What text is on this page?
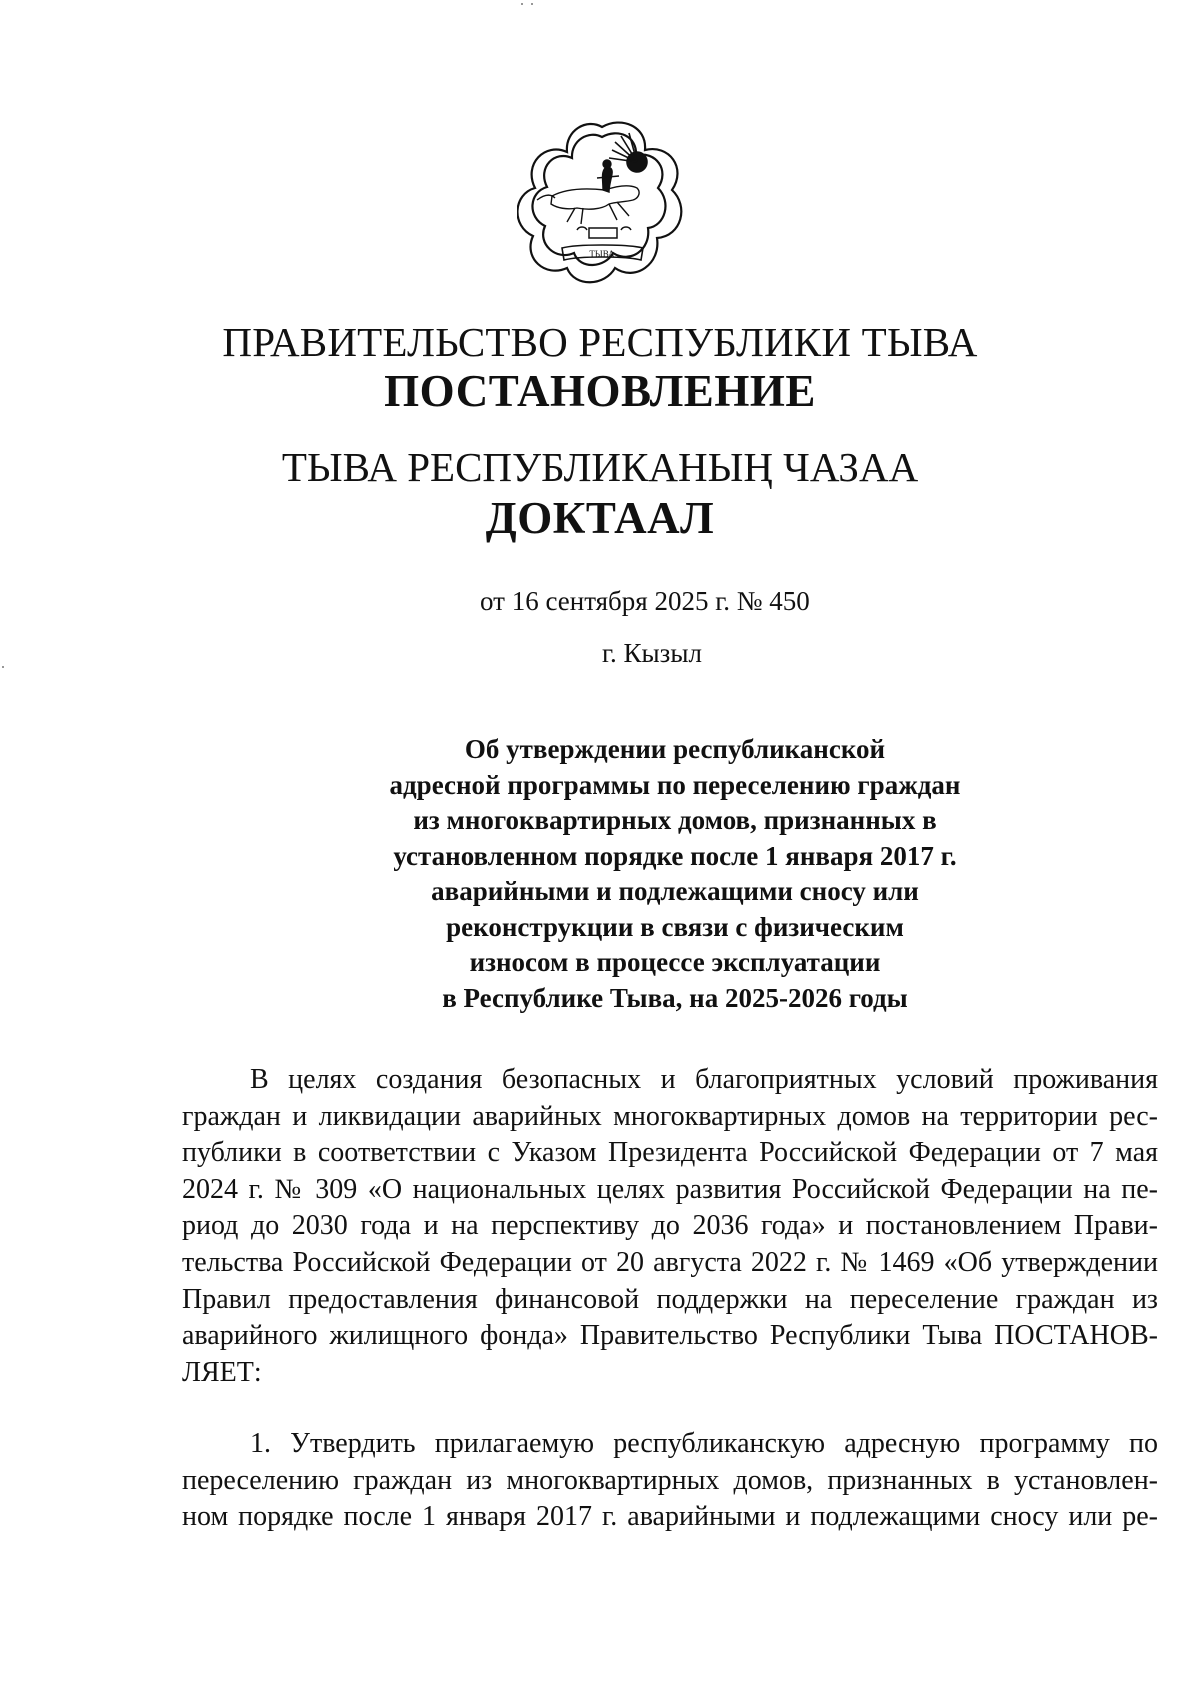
ТЫВА
ПРАВИТЕЛЬСТВО РЕСПУБЛИКИ ТЫВА
ПОСТАНОВЛЕНИЕ
ТЫВА РЕСПУБЛИКАНЫҢ ЧАЗАА
ДОКТААЛ
от 16 сентября 2025 г. № 450
г. Кызыл
Об утверждении республиканской
адресной программы по переселению граждан
из многоквартирных домов, признанных в
установленном порядке после 1 января 2017 г.
аварийными и подлежащими сносу или
реконструкции в связи с физическим
износом в процессе эксплуатации
в Республике Тыва, на 2025-2026 годы
В целях создания безопасных и благоприятных условий проживания
граждан и ликвидации аварийных многоквартирных домов на территории рес-
публики в соответствии с Указом Президента Российской Федерации от 7 мая
2024 г. № 309 «О национальных целях развития Российской Федерации на пе-
риод до 2030 года и на перспективу до 2036 года» и постановлением Прави-
тельства Российской Федерации от 20 августа 2022 г. № 1469 «Об утверждении
Правил предоставления финансовой поддержки на переселение граждан из
аварийного жилищного фонда» Правительство Республики Тыва ПОСТАНОВ-
ЛЯЕТ:
1. Утвердить прилагаемую республиканскую адресную программу по
переселению граждан из многоквартирных домов, признанных в установлен-
ном порядке после 1 января 2017 г. аварийными и подлежащими сносу или ре-
